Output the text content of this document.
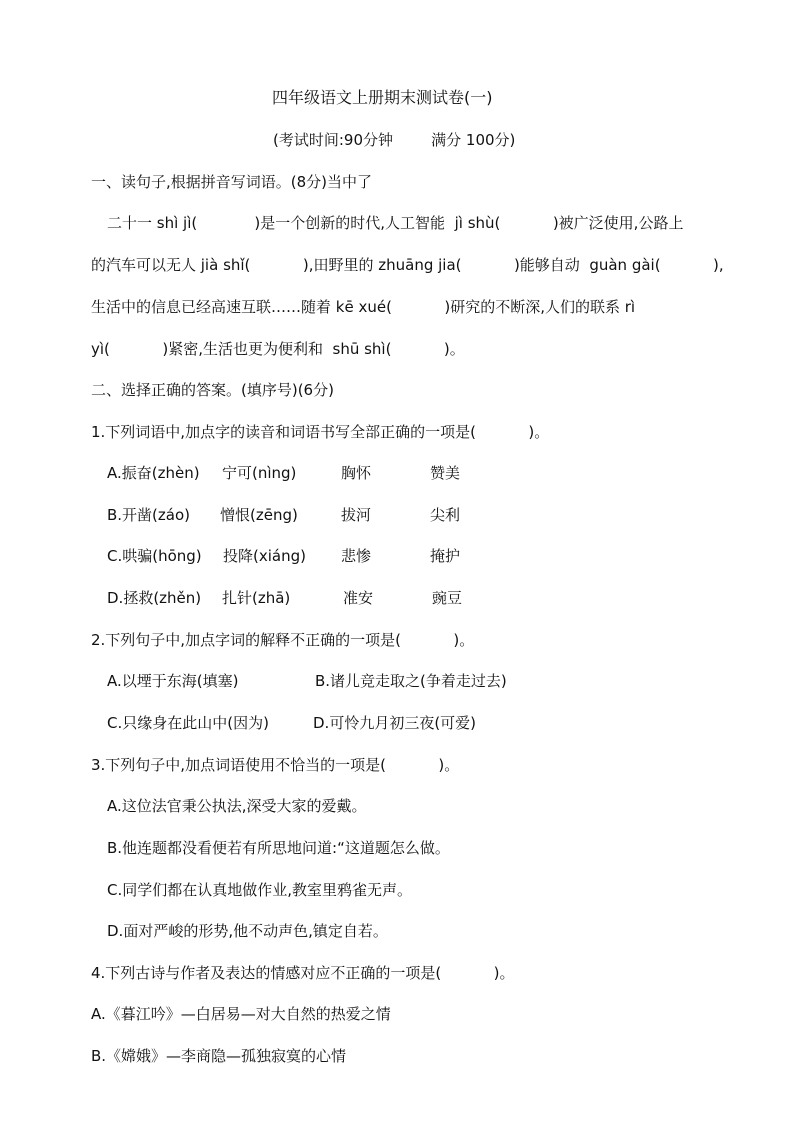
四年级语文上册期末测试卷(一)
(考试时间:90分钟        满分 100分)
一、读句子,根据拼音写词语。(8分)当中了
二十一 shì jì(            )是一个创新的时代,人工智能  jì shù(           )被广泛使用,公路上
的汽车可以无人 jià shǐ(           ),田野里的 zhuāng jia(           )能够自动  guàn gài(           ),
生活中的信息已经高速互联……随着 kē xué(           )研究的不断深,人们的联系 rì
yì(           )紧密,生活也更为便利和  shū shì(           )。
二、选择正确的答案。(填序号)(6分)
1.下列词语中,加点字的读音和词语书写全部正确的一项是(           )。
A.振奋(zhèn) 宁可(nìng)	胸怀	赞美
B.开凿(záo) 憎恨(zēng)	拔河	尖利
C.哄骗(hōng) 投降(xiáng) 悲惨	掩护
D.拯救(zhěn) 扎针(zhā)	准安	豌豆
2.下列句子中,加点字词的解释不正确的一项是(           )。
A.以堙于东海(填塞)	B.诸儿竞走取之(争着走过去)
C.只缘身在此山中(因为)	D.可怜九月初三夜(可爱)
3.下列句子中,加点词语使用不恰当的一项是(           )。
A.这位法官秉公执法,深受大家的爱戴。
B.他连题都没看便若有所思地问道:“这道题怎么做。
C.同学们都在认真地做作业,教室里鸦雀无声。
D.面对严峻的形势,他不动声色,镇定自若。
4.下列古诗与作者及表达的情感对应不正确的一项是(           )。
A.《暮江吟》—白居易—对大自然的热爱之情
B.《嫦娥》—李商隐—孤独寂寞的心情
